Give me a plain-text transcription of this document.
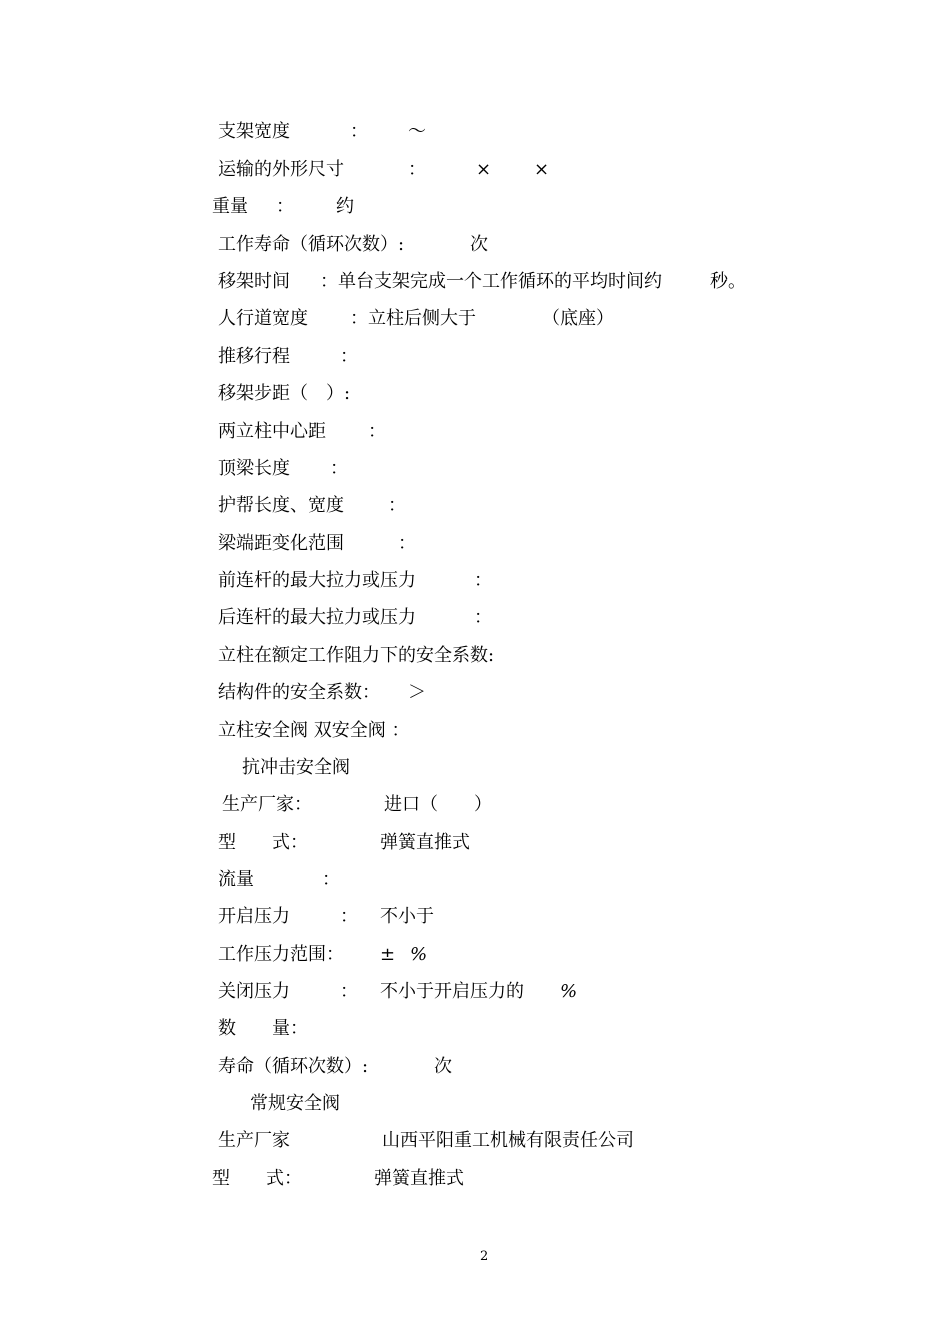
支架宽度	： ～
运输的外形尺寸	：	× ×
重量 ： 约
工作寿命（循环次数）:	次
移架时间 ：单台支架完成一个工作循环的平均时间约	秒。
人行道宽度 ：立柱后侧大于	（底座）
推移行程	：
移架步距（　）:
两立柱中心距 ：
顶梁长度 ：
护帮长度、宽度 ：
梁端距变化范围	：
前连杆的最大拉力或压力	：
后连杆的最大拉力或压力	：
立柱在额定工作阻力下的安全系数:
结构件的安全系数： ＞
立柱安全阀 双安全阀 ：
抗冲击安全阀
生产厂家：	进口（　　）
型　　式：	弹簧直推式
流量	：
开启压力	： 不小于
工作压力范围： ± %
关闭压力	： 不小于开启压力的 %
数　　量：
寿命（循环次数）:	次
常规安全阀
生产厂家	山西平阳重工机械有限责任公司
型　　式：	弹簧直推式
2
